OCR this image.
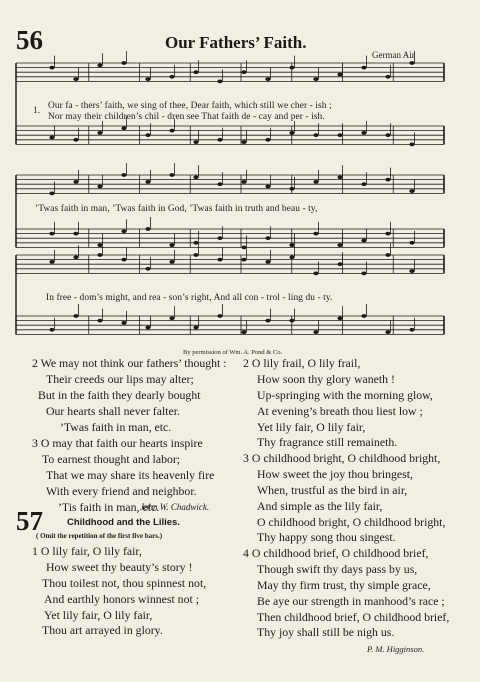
56	Our Fathers’ Faith.
German Air
1. Our fa - thers’ faith, we sing of thee, Dear faith, which still we cher - ish ;
Nor may their children’s chil - dren see That faith de - cay and per - ish.
’Twas faith in man, ’Twas faith in God, ’Twas faith in truth and beau - ty,
In free - dom’s might, and rea - son’s right, And all con - trol - ling du - ty.
By permission of Wm. A. Pond & Co.
2 We may not think our fathers’ thought :
Their creeds our lips may alter;
But in the faith they dearly bought
Our hearts shall never falter.
’Twas faith in man, etc.
3 O may that faith our hearts inspire
To earnest thought and labor;
That we may share its heavenly fire
With every friend and neighbor.
’Tis faith in man, etc.
John W. Chadwick.
57	Childhood and the Lilies.
( Omit the repetition of the first five bars.)
1 O lily fair, O lily fair,
How sweet thy beauty’s story !
Thou toilest not, thou spinnest not,
And earthly honors winnest not ;
Yet lily fair, O lily fair,
Thou art arrayed in glory.
2 O lily frail, O lily frail,
How soon thy glory waneth !
Up-springing with the morning glow,
At evening’s breath thou liest low ;
Yet lily fair, O lily fair,
Thy fragrance still remaineth.
3 O childhood bright, O childhood bright,
How sweet the joy thou bringest,
When, trustful as the bird in air,
And simple as the lily fair,
O childhood bright, O childhood bright,
Thy happy song thou singest.
4 O childhood brief, O childhood brief,
Though swift thy days pass by us,
May thy firm trust, thy simple grace,
Be aye our strength in manhood’s race ;
Then childhood brief, O childhood brief,
Thy joy shall still be nigh us.
P. M. Higginson.
